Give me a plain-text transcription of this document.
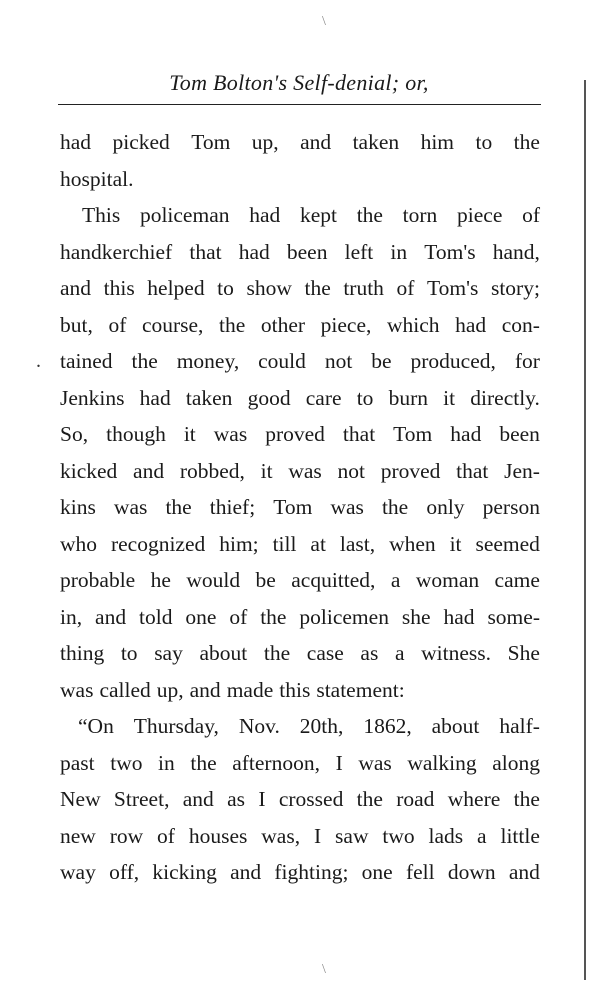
\
Tom Bolton's Self-denial; or,
.
had picked Tom up, and taken him to the
hospital.
This policeman had kept the torn piece of
handkerchief that had been left in Tom's hand,
and this helped to show the truth of Tom's story;
but, of course, the other piece, which had con-
tained the money, could not be produced, for
Jenkins had taken good care to burn it directly.
So, though it was proved that Tom had been
kicked and robbed, it was not proved that Jen-
kins was the thief; Tom was the only person
who recognized him; till at last, when it seemed
probable he would be acquitted, a woman came
in, and told one of the policemen she had some-
thing to say about the case as a witness. She
was called up, and made this statement:
“On Thursday, Nov. 20th, 1862, about half-
past two in the afternoon, I was walking along
New Street, and as I crossed the road where the
new row of houses was, I saw two lads a little
way off, kicking and fighting; one fell down and
\
